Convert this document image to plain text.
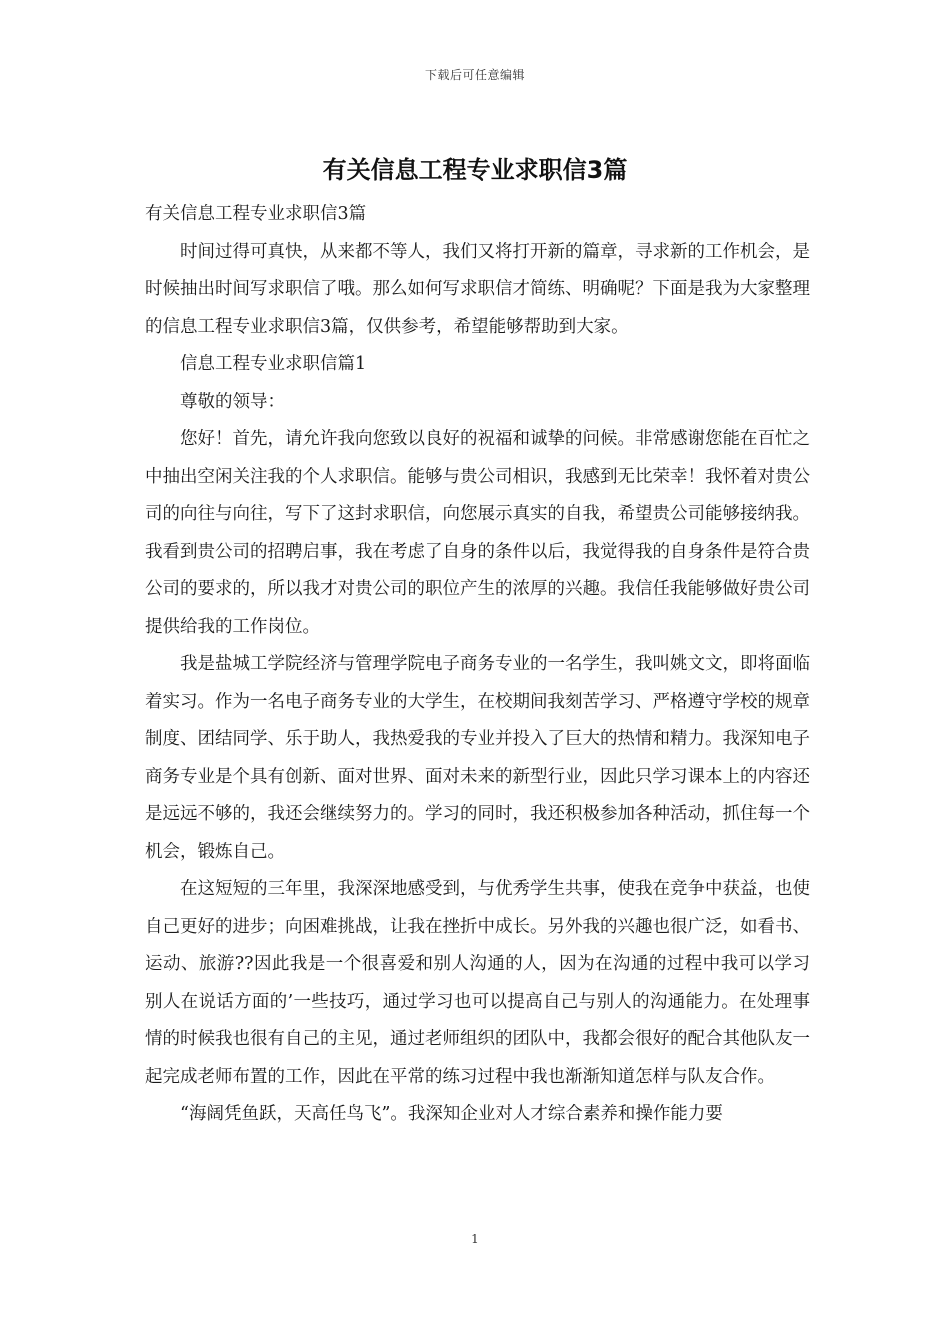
下载后可任意编辑
有关信息工程专业求职信3篇

有关信息工程专业求职信3篇

时间过得可真快，从来都不等人，我们又将打开新的篇章，寻求新的工作机会，是时候抽出时间写求职信了哦。那么如何写求职信才简练、明确呢？下面是我为大家整理的信息工程专业求职信3篇，仅供参考，希望能够帮助到大家。

信息工程专业求职信篇1

尊敬的领导：

您好！首先，请允许我向您致以良好的祝福和诚挚的问候。非常感谢您能在百忙之中抽出空闲关注我的个人求职信。能够与贵公司相识，我感到无比荣幸！我怀着对贵公司的向往与向往，写下了这封求职信，向您展示真实的自我，希望贵公司能够接纳我。我看到贵公司的招聘启事，我在考虑了自身的条件以后，我觉得我的自身条件是符合贵公司的要求的，所以我才对贵公司的职位产生的浓厚的兴趣。我信任我能够做好贵公司提供给我的工作岗位。

我是盐城工学院经济与管理学院电子商务专业的一名学生，我叫姚文文，即将面临着实习。作为一名电子商务专业的大学生，在校期间我刻苦学习、严格遵守学校的规章制度、团结同学、乐于助人，我热爱我的专业并投入了巨大的热情和精力。我深知电子商务专业是个具有创新、面对世界、面对未来的新型行业，因此只学习课本上的内容还是远远不够的，我还会继续努力的。学习的同时，我还积极参加各种活动，抓住每一个机会，锻炼自己。

在这短短的三年里，我深深地感受到，与优秀学生共事，使我在竞争中获益，也使自己更好的进步；向困难挑战，让我在挫折中成长。另外我的兴趣也很广泛，如看书、运动、旅游??因此我是一个很喜爱和别人沟通的人，因为在沟通的过程中我可以学习别人在说话方面的’一些技巧，通过学习也可以提高自己与别人的沟通能力。在处理事情的时候我也很有自己的主见，通过老师组织的团队中，我都会很好的配合其他队友一起完成老师布置的工作，因此在平常的练习过程中我也渐渐知道怎样与队友合作。

“海阔凭鱼跃，天高任鸟飞”。我深知企业对人才综合素养和操作能力要

1
